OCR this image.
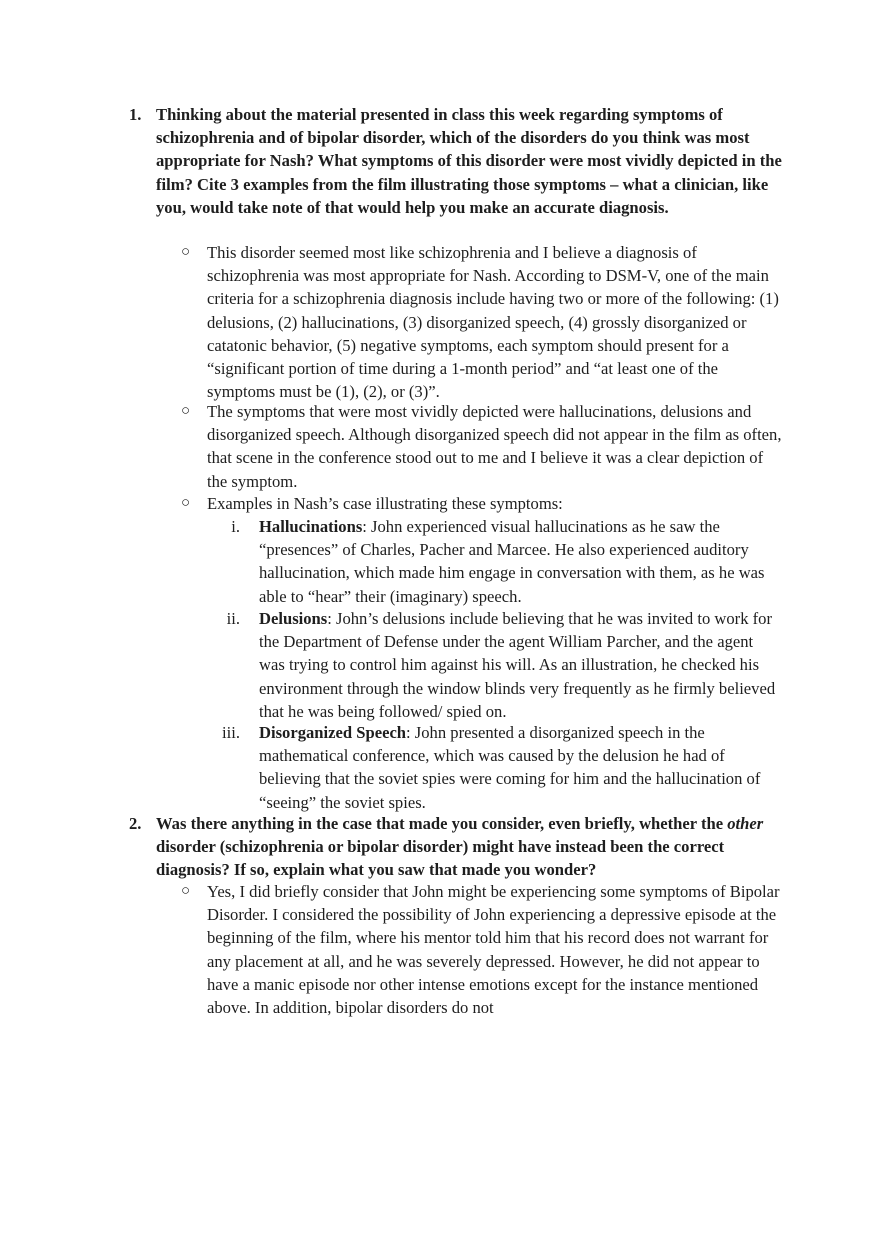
1. Thinking about the material presented in class this week regarding symptoms of schizophrenia and of bipolar disorder, which of the disorders do you think was most appropriate for Nash? What symptoms of this disorder were most vividly depicted in the film? Cite 3 examples from the film illustrating those symptoms – what a clinician, like you, would take note of that would help you make an accurate diagnosis.
○ This disorder seemed most like schizophrenia and I believe a diagnosis of schizophrenia was most appropriate for Nash. According to DSM-V, one of the main criteria for a schizophrenia diagnosis include having two or more of the following: (1) delusions, (2) hallucinations, (3) disorganized speech, (4) grossly disorganized or catatonic behavior, (5) negative symptoms, each symptom should present for a “significant portion of time during a 1-month period” and “at least one of the symptoms must be (1), (2), or (3)”.
○ The symptoms that were most vividly depicted were hallucinations, delusions and disorganized speech. Although disorganized speech did not appear in the film as often, that scene in the conference stood out to me and I believe it was a clear depiction of the symptom.
○ Examples in Nash’s case illustrating these symptoms:
i. Hallucinations: John experienced visual hallucinations as he saw the “presences” of Charles, Pacher and Marcee. He also experienced auditory hallucination, which made him engage in conversation with them, as he was able to “hear” their (imaginary) speech.
ii. Delusions: John’s delusions include believing that he was invited to work for the Department of Defense under the agent William Parcher, and the agent was trying to control him against his will. As an illustration, he checked his environment through the window blinds very frequently as he firmly believed that he was being followed/ spied on.
iii. Disorganized Speech: John presented a disorganized speech in the mathematical conference, which was caused by the delusion he had of believing that the soviet spies were coming for him and the hallucination of “seeing” the soviet spies.
2. Was there anything in the case that made you consider, even briefly, whether the other disorder (schizophrenia or bipolar disorder) might have instead been the correct diagnosis? If so, explain what you saw that made you wonder?
○ Yes, I did briefly consider that John might be experiencing some symptoms of Bipolar Disorder. I considered the possibility of John experiencing a depressive episode at the beginning of the film, where his mentor told him that his record does not warrant for any placement at all, and he was severely depressed. However, he did not appear to have a manic episode nor other intense emotions except for the instance mentioned above. In addition, bipolar disorders do not
